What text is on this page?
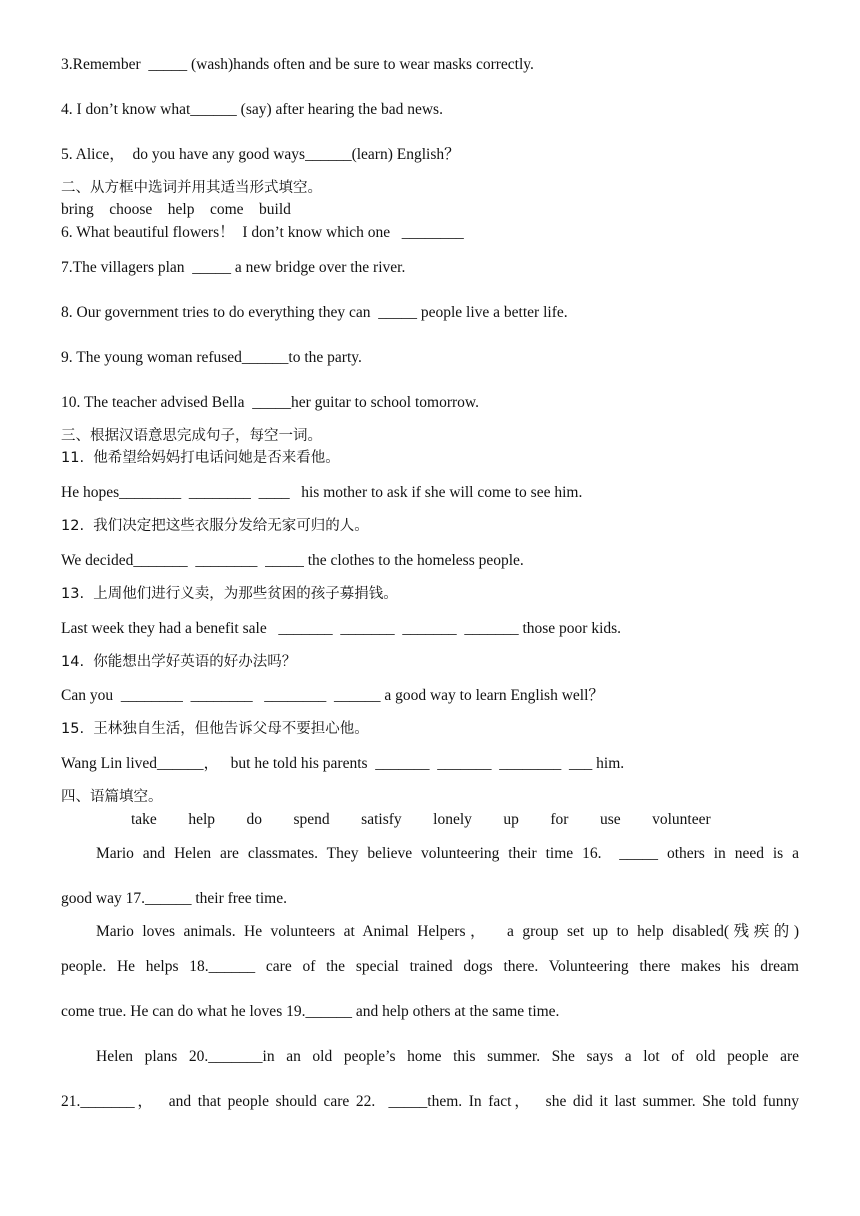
3.Remember  _____ (wash)hands often and be sure to wear masks correctly.
4. I don’t know what______ (say) after hearing the bad news.
5. Alice，  do you have any good ways______(learn) English？
二、从方框中选词并用其适当形式填空。
bring    choose    help    come    build
6. What beautiful flowers！  I don’t know which one   ________
7.The villagers plan  _____ a new bridge over the river.
8. Our government tries to do everything they can  _____ people live a better life.
9. The young woman refused______to the party.
10. The teacher advised Bella  _____her guitar to school tomorrow.
三、根据汉语意思完成句子，每空一词。
11.  他希望给妈妈打电话问她是否来看他。
He hopes________  ________  ____   his mother to ask if she will come to see him.
12.  我们决定把这些衣服分发给无家可归的人。
We decided_______  ________  _____ the clothes to the homeless people.
13.  上周他们进行义卖，为那些贫困的孩子募捐钱。
Last week they had a benefit sale   _______  _______  _______  _______ those poor kids.
14.  你能想出学好英语的好办法吗？
Can you  ________  ________   ________  ______ a good way to learn English well？
15.  王林独自生活，但他告诉父母不要担心他。
Wang Lin lived______，   but he told his parents  _______  _______  ________  ___ him.
四、语篇填空。
take    help    do    spend    satisfy    lonely    up    for    use    volunteer
Mario and Helen are classmates. They believe volunteering their time 16.  _____ others in need is a
good way 17.______ their free time.
Mario loves animals. He volunteers at Animal Helpers，  a group set up to help disabled(残疾的)
people. He helps 18.______ care of the special trained dogs there. Volunteering there makes his dream
come true. He can do what he loves 19.______ and help others at the same time.
Helen plans 20._______in an old people’s home this summer. She says a lot of old people are
21._______，  and that people should care 22.  _____them. In fact，  she did it last summer. She told funny
